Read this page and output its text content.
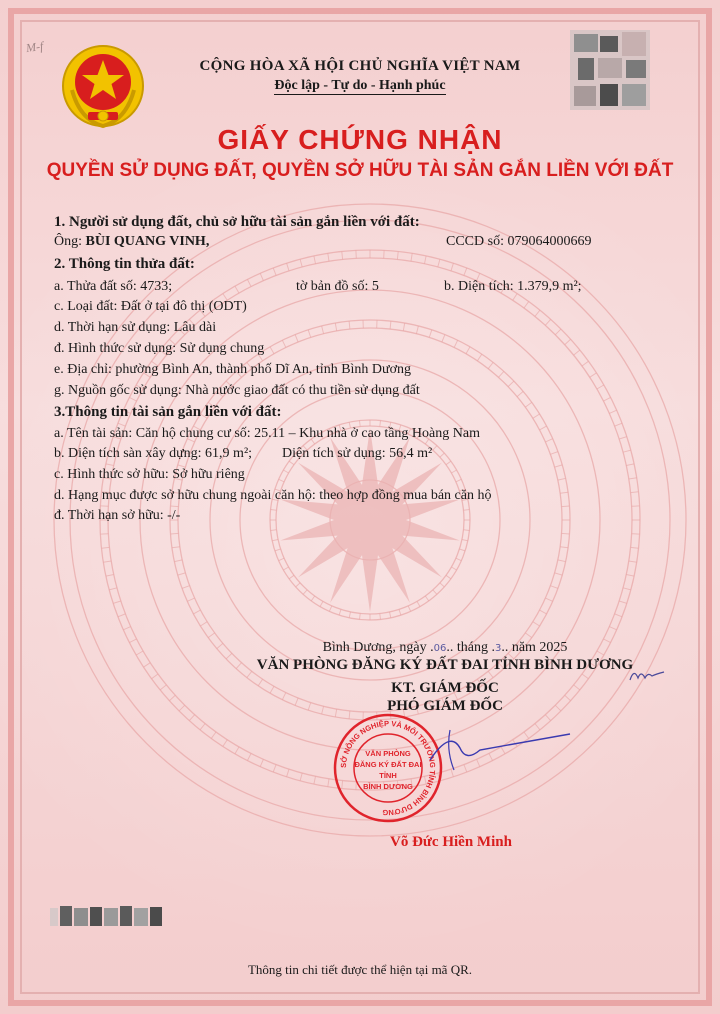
M-f
CỘNG HÒA XÃ HỘI CHỦ NGHĨA VIỆT NAM
Độc lập - Tự do - Hạnh phúc
GIẤY CHỨNG NHẬN
QUYỀN SỬ DỤNG ĐẤT, QUYỀN SỞ HỮU TÀI SẢN GẮN LIỀN VỚI ĐẤT
1. Người sử dụng đất, chủ sở hữu tài sản gắn liền với đất:
Ông: BÙI QUANG VINH,	CCCD số: 079064000669
2. Thông tin thửa đất:
a. Thửa đất số: 4733;	tờ bản đồ số: 5	b. Diện tích: 1.379,9 m²;
c. Loại đất: Đất ở tại đô thị (ODT)
d. Thời hạn sử dụng: Lâu dài
đ. Hình thức sử dụng: Sử dụng chung
e. Địa chỉ: phường Bình An, thành phố Dĩ An, tỉnh Bình Dương
g. Nguồn gốc sử dụng: Nhà nước giao đất có thu tiền sử dụng đất
3.Thông tin tài sản gắn liền với đất:
a. Tên tài sản: Căn hộ chung cư số: 25.11 – Khu nhà ở cao tầng Hoàng Nam
b. Diện tích sàn xây dựng: 61,9 m²; Diện tích sử dụng: 56,4 m²
c. Hình thức sở hữu: Sở hữu riêng
d. Hạng mục được sở hữu chung ngoài căn hộ: theo hợp đồng mua bán căn hộ
đ. Thời hạn sở hữu: -/-
Bình Dương, ngày .06.. tháng .3.. năm 2025
VĂN PHÒNG ĐĂNG KÝ ĐẤT ĐAI TỈNH BÌNH DƯƠNG
KT. GIÁM ĐỐC
PHÓ GIÁM ĐỐC
SỞ NÔNG NGHIỆP VÀ MÔI TRƯỜNG TỈNH BÌNH DƯƠNG
VĂN PHÒNG
ĐĂNG KÝ ĐẤT ĐAI
TỈNH
BÌNH DƯƠNG
Võ Đức Hiền Minh
Thông tin chi tiết được thể hiện tại mã QR.
